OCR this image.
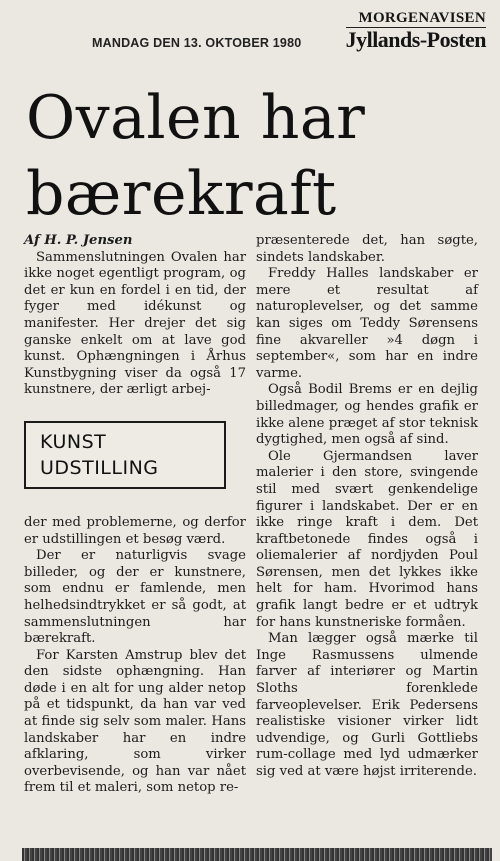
MANDAG DEN 13. OKTOBER 1980
MORGENAVISEN
Jyllands-Posten
Ovalen har bærekraft

Af H. P. Jensen

Sammenslutningen Ovalen har ikke noget egentligt program, og det er kun en fordel i en tid, der fyger med idékunst og manifester. Her drejer det sig ganske enkelt om at lave god kunst. Ophængningen i Århus Kunstbygning viser da også 17 kunstnere, der ærligt arbej-

KUNST
UDSTILLING

der med problemerne, og derfor er udstillingen et besøg værd.

Der er naturligvis svage billeder, og der er kunstnere, som endnu er famlende, men helhedsindtrykket er så godt, at sammenslutningen har bærekraft.

For Karsten Amstrup blev det den sidste ophængning. Han døde i en alt for ung alder netop på et tidspunkt, da han var ved at finde sig selv som maler. Hans landskaber har en indre afklaring, som virker overbevisende, og han var nået frem til et maleri, som netop re-

præsenterede det, han søgte, sindets landskaber.

Freddy Halles landskaber er mere et resultat af naturoplevelser, og det samme kan siges om Teddy Sørensens fine akvareller »4 døgn i september«, som har en indre varme.

Også Bodil Brems er en dejlig billedmager, og hendes grafik er ikke alene præget af stor teknisk dygtighed, men også af sind.

Ole Gjermandsen laver malerier i den store, svingende stil med svært genkendelige figurer i landskabet. Der er en ikke ringe kraft i dem. Det kraftbetonede findes også i oliemalerier af nordjyden Poul Sørensen, men det lykkes ikke helt for ham. Hvorimod hans grafik langt bedre er et udtryk for hans kunstneriske formåen.

Man lægger også mærke til Inge Rasmussens ulmende farver af interiører og Martin Sloths forenklede farveoplevelser. Erik Pedersens realistiske visioner virker lidt udvendige, og Gurli Gottliebs rum-collage med lyd udmærker sig ved at være højst irriterende.
